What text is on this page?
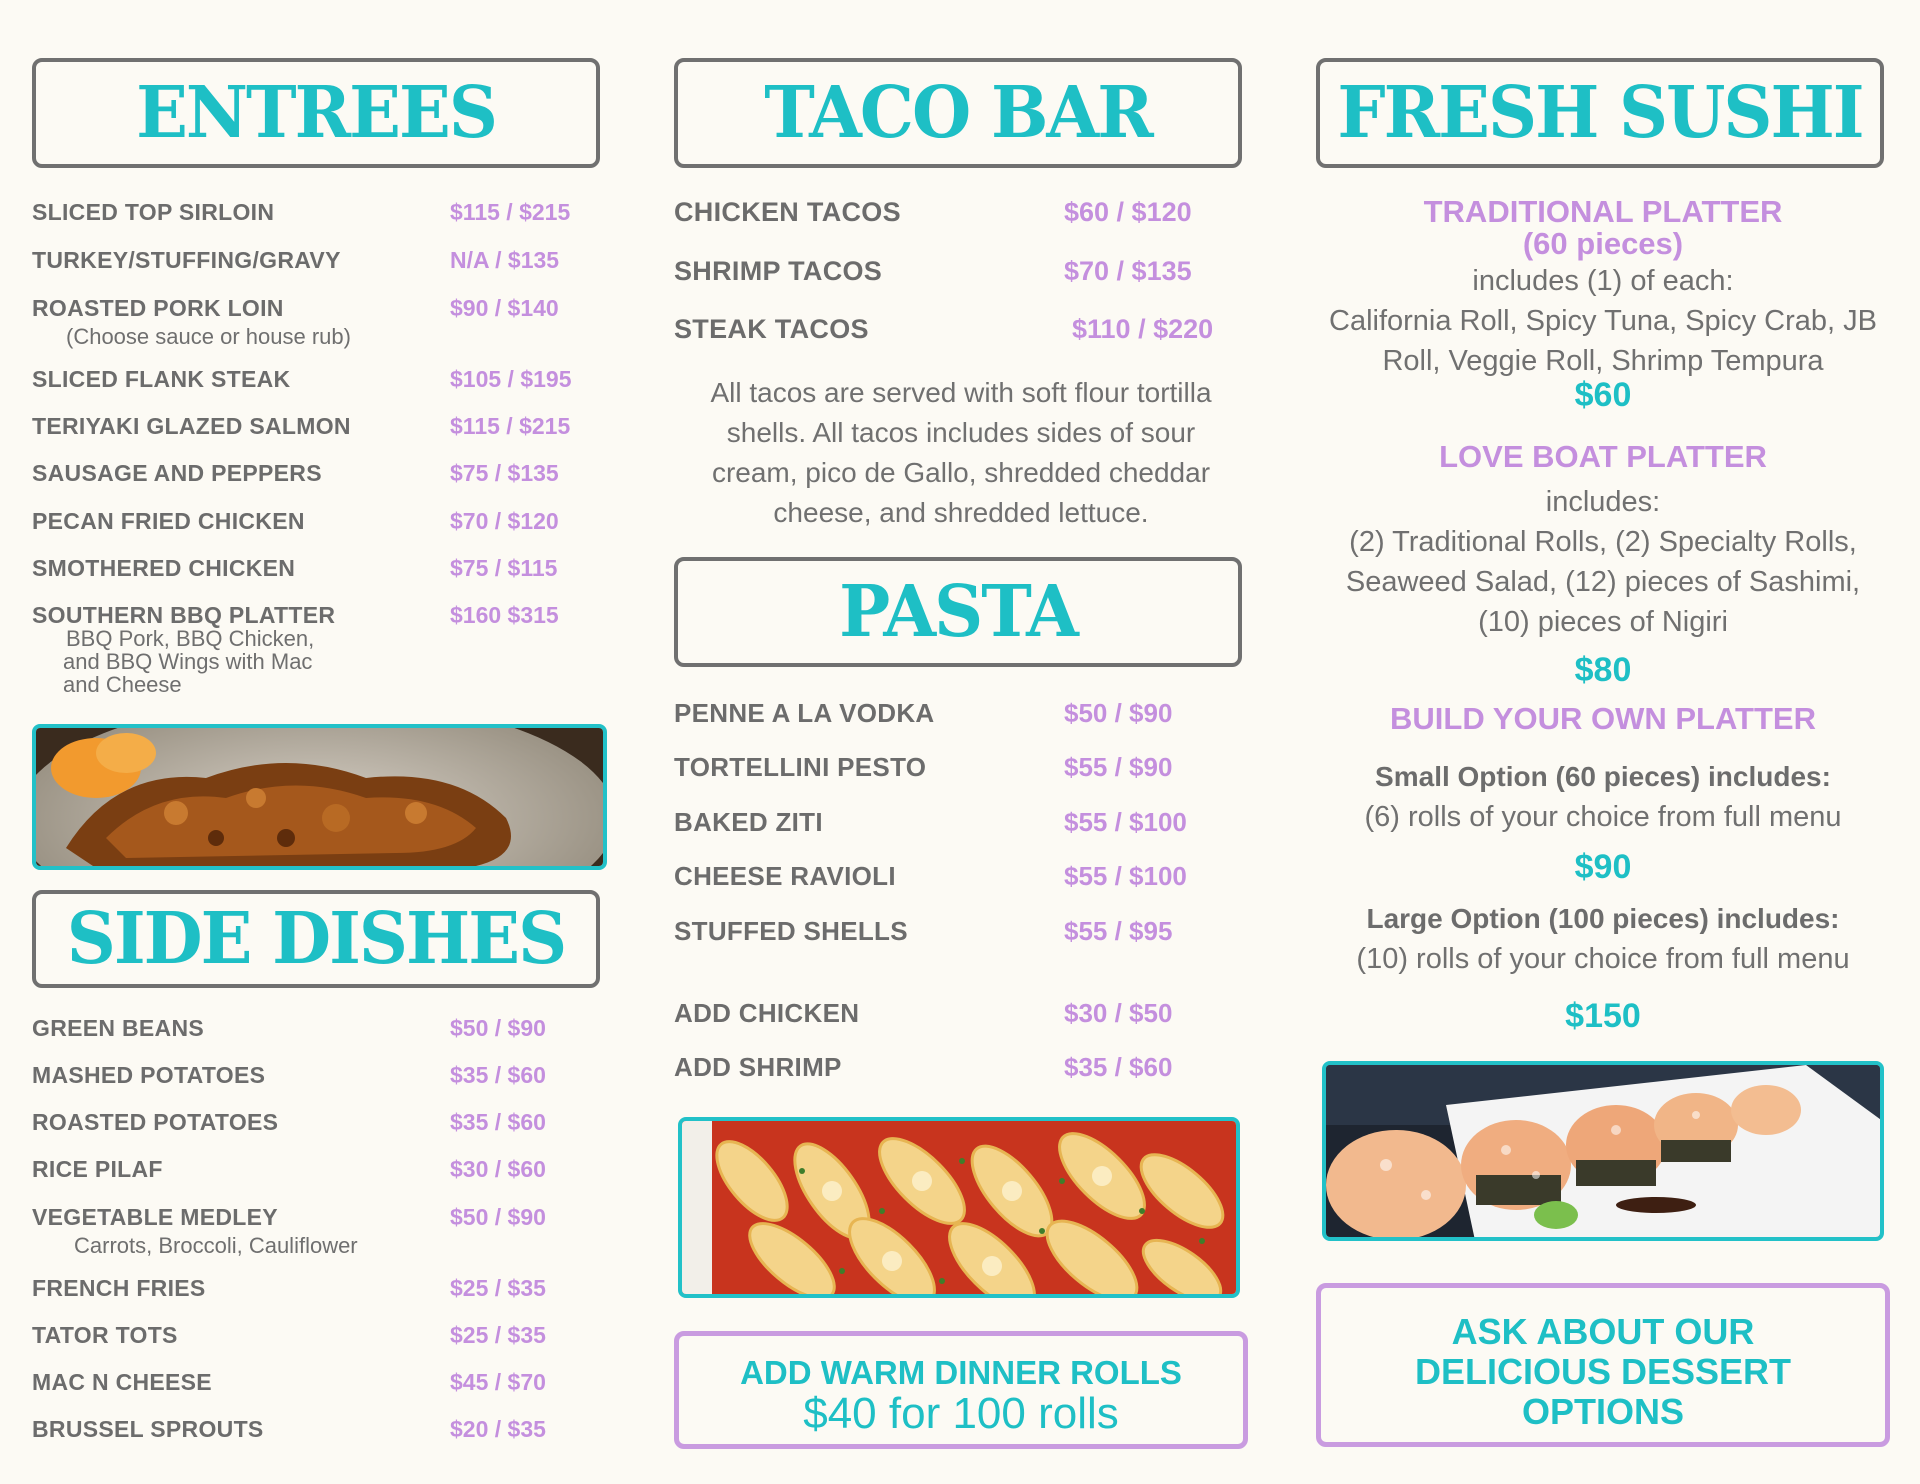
ENTREES
SLICED TOP SIRLOIN	$115 / $215
TURKEY/STUFFING/GRAVY	N/A / $135
ROASTED PORK LOIN	$90 / $140
(Choose sauce or house rub)
SLICED FLANK STEAK	$105 / $195
TERIYAKI GLAZED SALMON	$115 / $215
SAUSAGE AND PEPPERS	$75 / $135
PECAN FRIED CHICKEN	$70 / $120
SMOTHERED CHICKEN	$75 / $115
SOUTHERN BBQ PLATTER	$160 $315
BBQ Pork, BBQ Chicken,
and BBQ Wings with Mac
and Cheese
SIDE DISHES
GREEN BEANS	$50 / $90
MASHED POTATOES	$35 / $60
ROASTED POTATOES	$35 / $60
RICE PILAF	$30 / $60
VEGETABLE MEDLEY	$50 / $90
Carrots, Broccoli, Cauliflower
FRENCH FRIES	$25 / $35
TATOR TOTS	$25 / $35
MAC N CHEESE	$45 / $70
BRUSSEL SPROUTS	$20 / $35
TACO BAR
CHICKEN TACOS	$60 / $120
SHRIMP TACOS	$70 / $135
STEAK TACOS	$110 / $220
All tacos are served with soft flour tortilla
shells. All tacos includes sides of sour
cream, pico de Gallo, shredded cheddar
cheese, and shredded lettuce.
PASTA
PENNE A LA VODKA	$50 / $90
TORTELLINI PESTO	$55 / $90
BAKED ZITI	$55 / $100
CHEESE RAVIOLI	$55 / $100
STUFFED SHELLS	$55 / $95
ADD CHICKEN	$30 / $50
ADD SHRIMP	$35 / $60
ADD WARM DINNER ROLLS
$40 for 100 rolls
FRESH SUSHI
TRADITIONAL PLATTER
(60 pieces)
includes (1) of each:
California Roll, Spicy Tuna, Spicy Crab, JB
Roll, Veggie Roll, Shrimp Tempura
$60
LOVE BOAT PLATTER
includes:
(2) Traditional Rolls, (2) Specialty Rolls,
Seaweed Salad, (12) pieces of Sashimi,
(10) pieces of Nigiri
$80
BUILD YOUR OWN PLATTER
Small Option (60 pieces) includes:
(6) rolls of your choice from full menu
$90
Large Option (100 pieces) includes:
(10) rolls of your choice from full menu
$150
ASK ABOUT OUR
DELICIOUS DESSERT
OPTIONS
